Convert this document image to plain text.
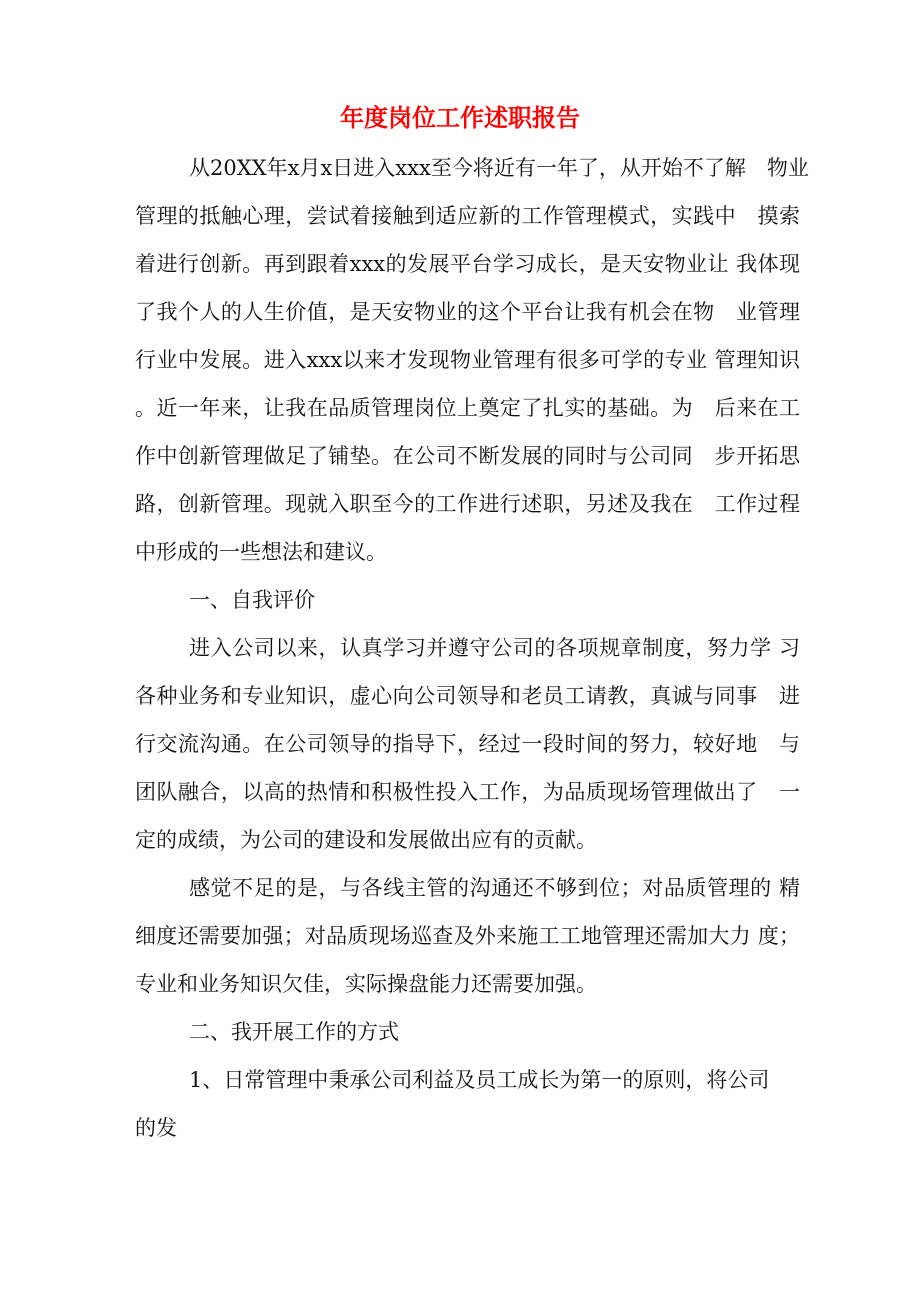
年度岗位工作述职报告
从20XX年x月x日进入xxx至今将近有一年了，从开始不了解　物业
管理的抵触心理，尝试着接触到适应新的工作管理模式，实践中　摸索
着进行创新。再到跟着xxx的发展平台学习成长，是天安物业让 我体现
了我个人的人生价值，是天安物业的这个平台让我有机会在物　业管理
行业中发展。进入xxx以来才发现物业管理有很多可学的专业 管理知识
。近一年来，让我在品质管理岗位上奠定了扎实的基础。为　后来在工
作中创新管理做足了铺垫。在公司不断发展的同时与公司同　步开拓思
路，创新管理。现就入职至今的工作进行述职，另述及我在　工作过程
中形成的一些想法和建议。
一、自我评价
进入公司以来，认真学习并遵守公司的各项规章制度，努力学 习
各种业务和专业知识，虚心向公司领导和老员工请教，真诚与同事　进
行交流沟通。在公司领导的指导下，经过一段时间的努力，较好地　与
团队融合，以高的热情和积极性投入工作，为品质现场管理做出了　一
定的成绩，为公司的建设和发展做出应有的贡献。
感觉不足的是，与各线主管的沟通还不够到位；对品质管理的 精
细度还需要加强；对品质现场巡查及外来施工工地管理还需加大力 度；
专业和业务知识欠佳，实际操盘能力还需要加强。
二、我开展工作的方式
1、日常管理中秉承公司利益及员工成长为第一的原则，将公司
的发
